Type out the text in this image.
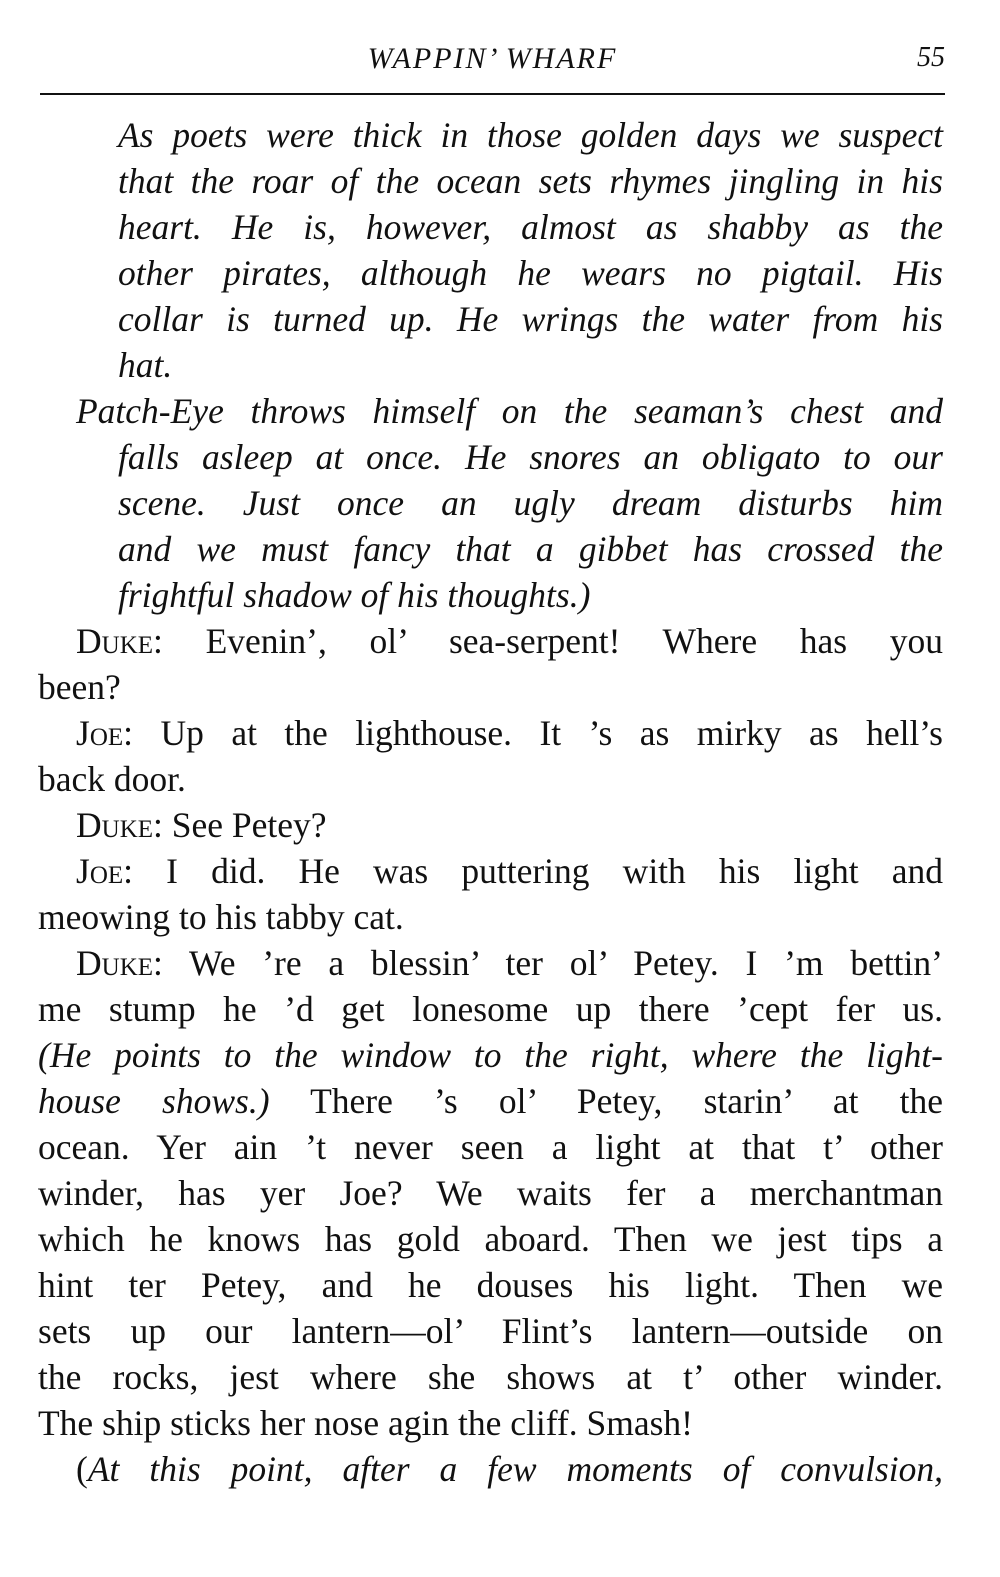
WAPPIN’ WHARF	55
As poets were thick in those golden days we suspect
that the roar of the ocean sets rhymes jingling in his
heart. He is, however, almost as shabby as the
other pirates, although he wears no pigtail. His
collar is turned up. He wrings the water from his
hat.
Patch-Eye throws himself on the seaman’s chest and
falls asleep at once. He snores an obligato to our
scene. Just once an ugly dream disturbs him
and we must fancy that a gibbet has crossed the
frightful shadow of his thoughts.)
Duke: Evenin’, ol’ sea-serpent! Where has you
been?
Joe: Up at the lighthouse. It ’s as mirky as hell’s
back door.
Duke: See Petey?
Joe: I did. He was puttering with his light and
meowing to his tabby cat.
Duke: We ’re a blessin’ ter ol’ Petey. I ’m bettin’
me stump he ’d get lonesome up there ’cept fer us.
(He points to the window to the right, where the light-
house shows.) There ’s ol’ Petey, starin’ at the
ocean. Yer ain ’t never seen a light at that t’ other
winder, has yer Joe? We waits fer a merchantman
which he knows has gold aboard. Then we jest tips a
hint ter Petey, and he douses his light. Then we
sets up our lantern—ol’ Flint’s lantern—outside on
the rocks, jest where she shows at t’ other winder.
The ship sticks her nose agin the cliff. Smash!
(At this point, after a few moments of convulsion,
